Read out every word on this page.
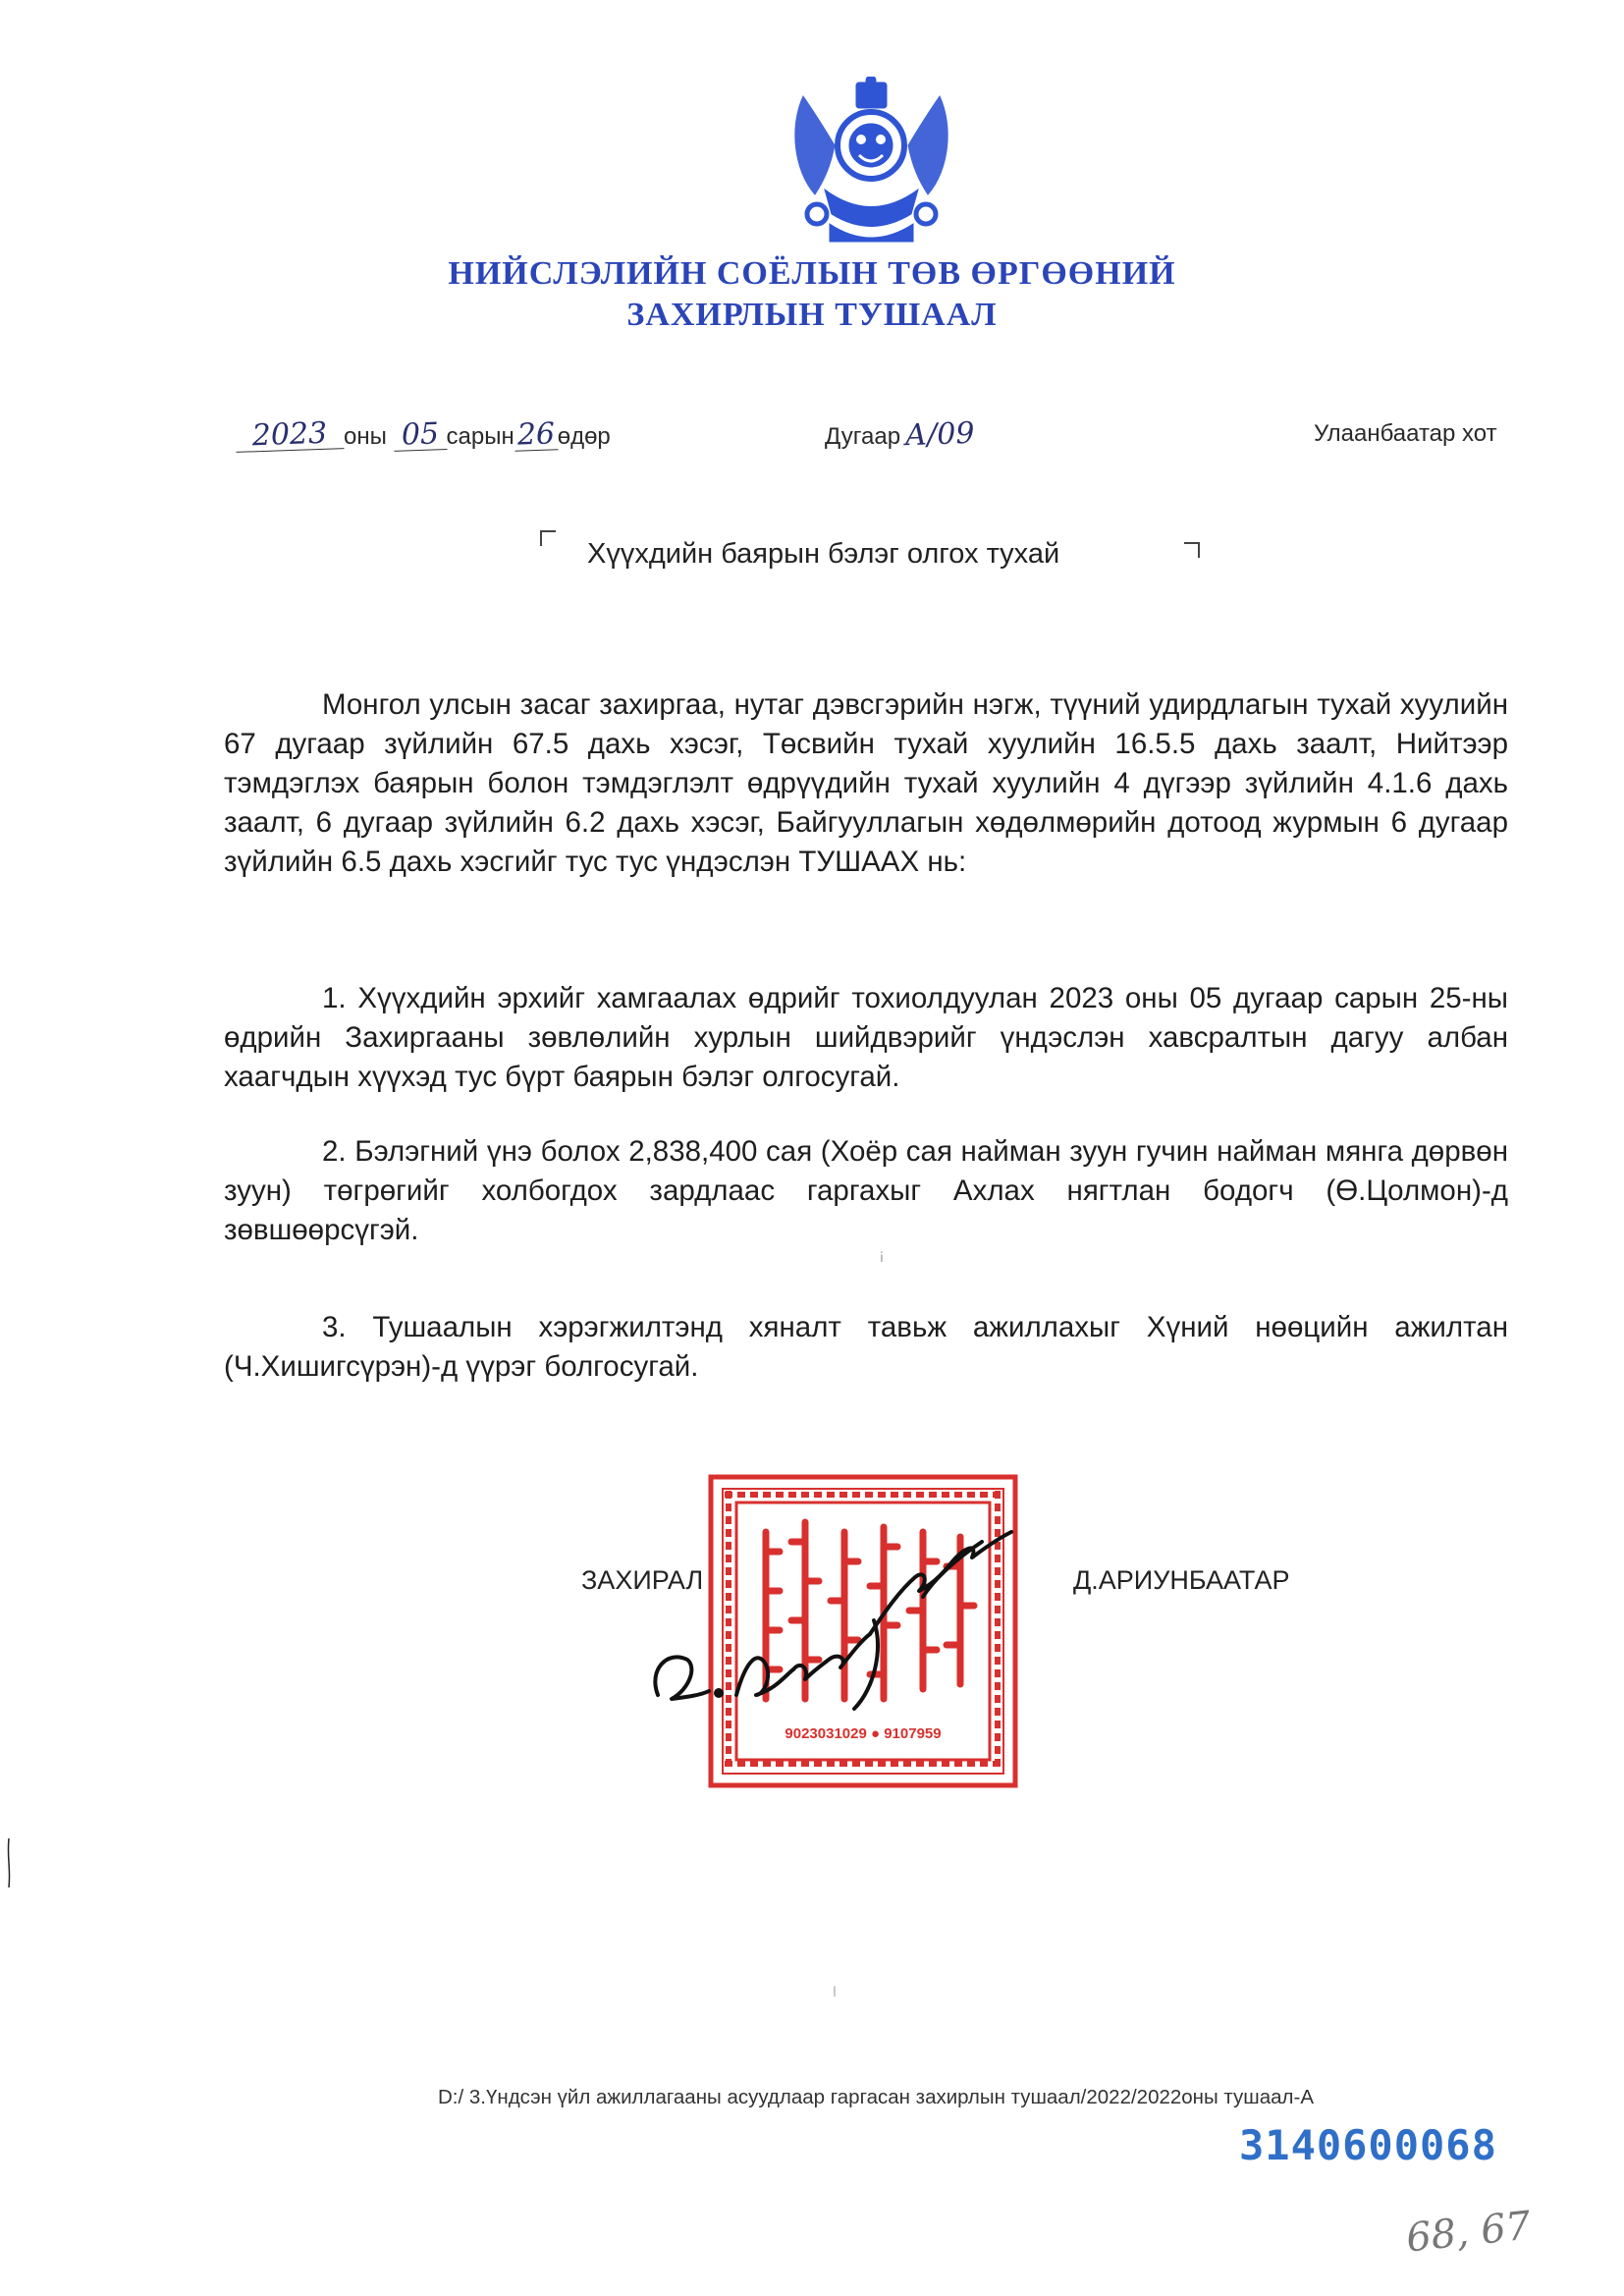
НИЙСЛЭЛИЙН СОЁЛЫН ТӨВ ӨРГӨӨНИЙ
ЗАХИРЛЫН ТУШААЛ
2023 оны 05 сарын26өдөр	Дугаар А/09	Улаанбаатар хот
Хүүхдийн баярын бэлэг олгох тухай

Монгол улсын засаг захиргаа, нутаг дэвсгэрийн нэгж, түүний удирдлагын тухай хуулийн 67 дугаар зүйлийн 67.5 дахь хэсэг, Төсвийн тухай хуулийн 16.5.5 дахь заалт, Нийтээр тэмдэглэх баярын болон тэмдэглэлт өдрүүдийн тухай хуулийн 4 дүгээр зүйлийн 4.1.6 дахь заалт, 6 дугаар зүйлийн 6.2 дахь хэсэг, Байгууллагын хөдөлмөрийн дотоод журмын 6 дугаар зүйлийн 6.5 дахь хэсгийг тус тус үндэслэн ТУШААХ нь:

1. Хүүхдийн эрхийг хамгаалах өдрийг тохиолдуулан 2023 оны 05 дугаар сарын 25-ны өдрийн Захиргааны зөвлөлийн хурлын шийдвэрийг үндэслэн хавсралтын дагуу албан хаагчдын хүүхэд тус бүрт баярын бэлэг олгосугай.

2. Бэлэгний үнэ болох 2,838,400 сая (Хоёр сая найман зуун гучин найман мянга дөрвөн зуун) төгрөгийг холбогдох зардлаас гаргахыг Ахлах нягтлан бодогч (Ө.Цолмон)-д зөвшөөрсүгэй.

3. Тушаалын хэрэгжилтэнд хяналт тавьж ажиллахыг Хүний нөөцийн ажилтан (Ч.Хишигсүрэн)-д үүрэг болгосугай.

ⅰ
9023031029 ● 9107959
ЗАХИРАЛ	Д.АРИУНБААТАР
ⅼ
D:/ 3.Үндсэн үйл ажиллагааны асуудлаар гаргасан захирлын тушаал/2022/2022оны тушаал-А
3140600068
68, 67
